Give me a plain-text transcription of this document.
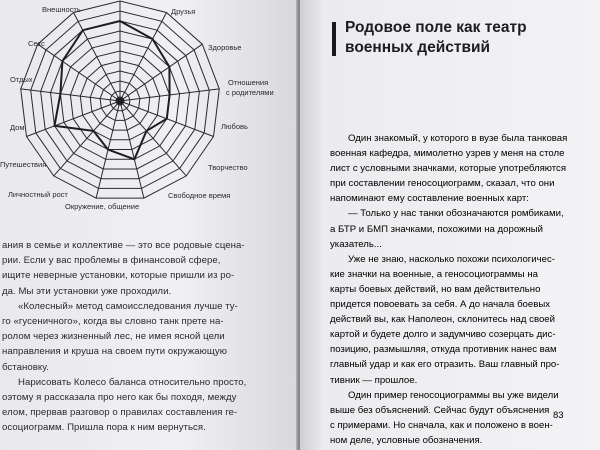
Внешность	Друзья
Здоровье
Отношения
с родителями
Любовь
Творчество
Свободное время
Окружение, общение
Личностный рост
Путешествия
Дом
Отдых
Секс

ания в семье и коллективе — это все родовые сцена-
рии. Если у вас проблемы в финансовой сфере,
ищите неверные установки, которые пришли из ро-
да. Мы эти установки уже проходили.

«Колесный» метод самоисследования лучше ту-
го «гусеничного», когда вы словно танк прете на-
ролом через жизненный лес, не имея ясной цели
направления и круша на своем пути окружающую
бстановку.

Нарисовать Колесо баланса относительно просто,
оэтому я рассказала про него как бы походя, между
елом, прервав разговор о правилах составления ге-
осоциограмм. Пришла пора к ним вернуться.

Родовое поле как театр
военных действий

Один знакомый, у которого в вузе была танковая
военная кафедра, мимолетно узрев у меня на столе
лист с условными значками, которые употребляются
при составлении геносоциограмм, сказал, что они
напоминают ему составление военных карт:

— Только у нас танки обозначаются ромбиками,
а БТР и БМП значками, похожими на дорожный
указатель...

Уже не знаю, насколько похожи психологичес-
кие значки на военные, а геносоциограммы на
карты боевых действий, но вам действительно
придется повоевать за себя. А до начала боевых
действий вы, как Наполеон, склонитесь над своей
картой и будете долго и задумчиво созерцать дис-
позицию, размышляя, откуда противник нанес вам
главный удар и как его отразить. Ваш главный про-
тивник — прошлое.

Один пример геносоциограммы вы уже видели
выше без объяснений. Сейчас будут объяснения
с примерами. Но сначала, как и положено в воен-
ном деле, условные обозначения.

83
